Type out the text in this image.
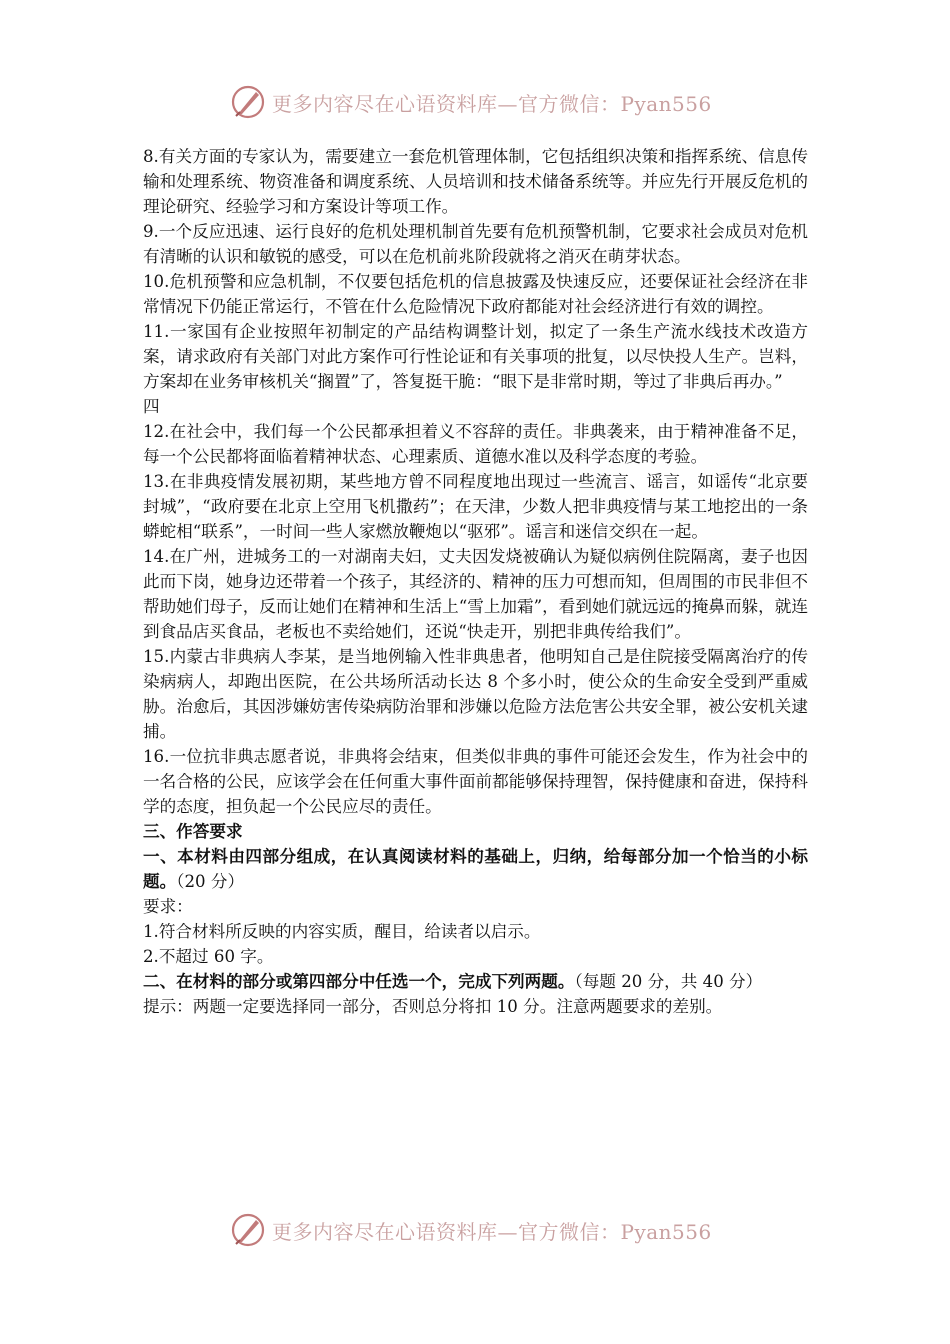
更多内容尽在心语资料库—官方微信：Pyan556

8.有关方面的专家认为，需要建立一套危机管理体制，它包括组织决策和指挥系统、信息传输和处理系统、物资准备和调度系统、人员培训和技术储备系统等。并应先行开展反危机的理论研究、经验学习和方案设计等项工作。

9.一个反应迅速、运行良好的危机处理机制首先要有危机预警机制，它要求社会成员对危机有清晰的认识和敏锐的感受，可以在危机前兆阶段就将之消灭在萌芽状态。

10.危机预警和应急机制，不仅要包括危机的信息披露及快速反应，还要保证社会经济在非常情况下仍能正常运行，不管在什么危险情况下政府都能对社会经济进行有效的调控。

11.一家国有企业按照年初制定的产品结构调整计划，拟定了一条生产流水线技术改造方案，请求政府有关部门对此方案作可行性论证和有关事项的批复，以尽快投人生产。岂料，方案却在业务审核机关“搁置”了，答复挺干脆：“眼下是非常时期，等过了非典后再办。”

四

12.在社会中，我们每一个公民都承担着义不容辞的责任。非典袭来，由于精神准备不足，每一个公民都将面临着精神状态、心理素质、道德水准以及科学态度的考验。

13.在非典疫情发展初期，某些地方曾不同程度地出现过一些流言、谣言，如谣传“北京要封城”，“政府要在北京上空用飞机撒药”；在天津，少数人把非典疫情与某工地挖出的一条蟒蛇相“联系”，一时间一些人家燃放鞭炮以“驱邪”。谣言和迷信交织在一起。

14.在广州，进城务工的一对湖南夫妇，丈夫因发烧被确认为疑似病例住院隔离，妻子也因此而下岗，她身边还带着一个孩子，其经济的、精神的压力可想而知，但周围的市民非但不帮助她们母子，反而让她们在精神和生活上“雪上加霜”，看到她们就远远的掩鼻而躲，就连到食品店买食品，老板也不卖给她们，还说“快走开，别把非典传给我们”。

15.内蒙古非典病人李某，是当地例输入性非典患者，他明知自己是住院接受隔离治疗的传染病病人，却跑出医院，在公共场所活动长达 8 个多小时，使公众的生命安全受到严重威胁。治愈后，其因涉嫌妨害传染病防治罪和涉嫌以危险方法危害公共安全罪，被公安机关逮捕。

16.一位抗非典志愿者说，非典将会结束，但类似非典的事件可能还会发生，作为社会中的一名合格的公民，应该学会在任何重大事件面前都能够保持理智，保持健康和奋进，保持科学的态度，担负起一个公民应尽的责任。

三、作答要求

一、本材料由四部分组成，在认真阅读材料的基础上，归纳，给每部分加一个恰当的小标题。（20 分）

要求：

1.符合材料所反映的内容实质，醒目，给读者以启示。

2.不超过 60 字。

二、在材料的部分或第四部分中任选一个，完成下列两题。（每题 20 分，共 40 分）

提示：两题一定要选择同一部分，否则总分将扣 10 分。注意两题要求的差别。

更多内容尽在心语资料库—官方微信：Pyan556
